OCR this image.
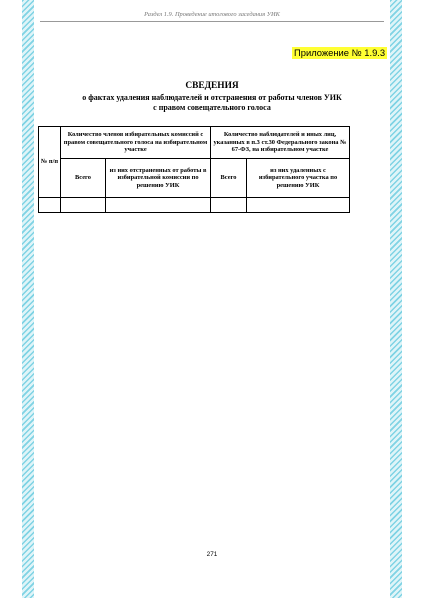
Раздел 1.9. Проведение итогового заседания УИК
Приложение № 1.9.3
СВЕДЕНИЯ
о фактах удаления наблюдателей и отстранения от работы членов УИК
с правом совещательного голоса
№ п/п	Количество членов избирательных комиссий с правом совещательного голоса на избирательном участке		Количество наблюдателей и иных лиц, указанных в п.3 ст.30 Федерального закона № 67-ФЗ, на избирательном участке	
	Всего	из них отстраненных от работы в избирательной комиссии по решению УИК	Всего	из них удаленных с избирательного участка по решению УИК

271
